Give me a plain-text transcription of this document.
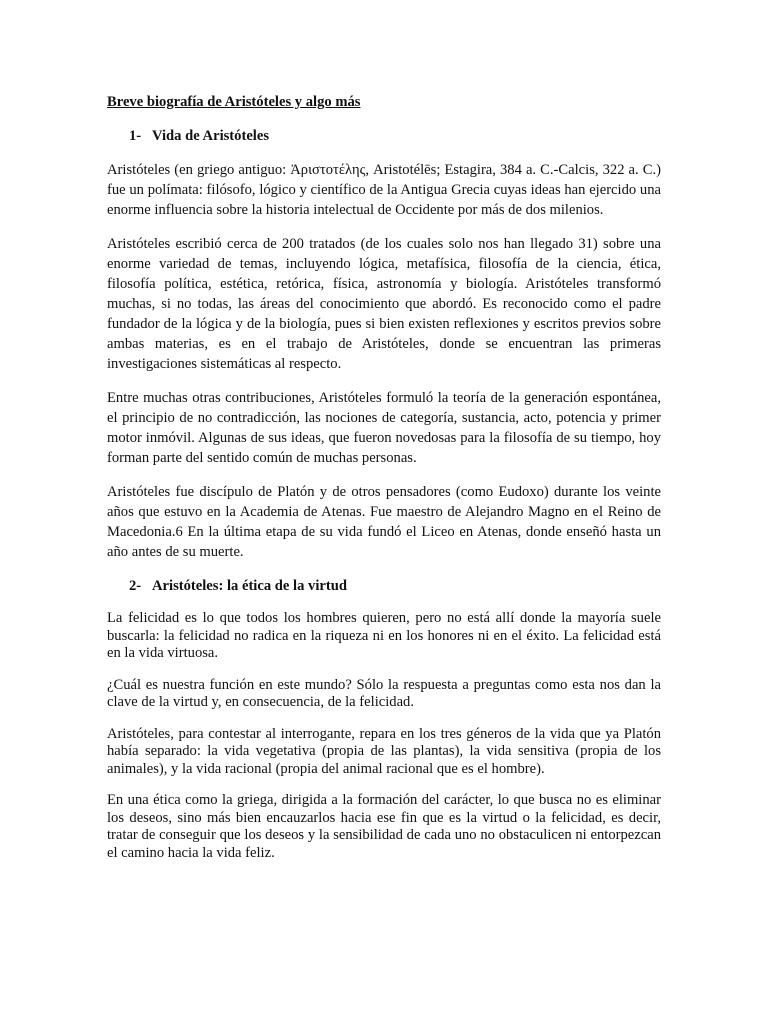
Breve biografía de Aristóteles y algo más
1- Vida de Aristóteles

Aristóteles (en griego antiguo: Ἀριστοτέλης, Aristotélēs; Estagira, 384 a. C.-Calcis, 322 a. C.) fue un polímata: filósofo, lógico y científico de la Antigua Grecia cuyas ideas han ejercido una enorme influencia sobre la historia intelectual de Occidente por más de dos milenios.

Aristóteles escribió cerca de 200 tratados (de los cuales solo nos han llegado 31) sobre una enorme variedad de temas, incluyendo lógica, metafísica, filosofía de la ciencia, ética, filosofía política, estética, retórica, física, astronomía y biología. Aristóteles transformó muchas, si no todas, las áreas del conocimiento que abordó. Es reconocido como el padre fundador de la lógica y de la biología, pues si bien existen reflexiones y escritos previos sobre ambas materias, es en el trabajo de Aristóteles, donde se encuentran las primeras investigaciones sistemáticas al respecto.

Entre muchas otras contribuciones, Aristóteles formuló la teoría de la generación espontánea, el principio de no contradicción, las nociones de categoría, sustancia, acto, potencia y primer motor inmóvil. Algunas de sus ideas, que fueron novedosas para la filosofía de su tiempo, hoy forman parte del sentido común de muchas personas.

Aristóteles fue discípulo de Platón y de otros pensadores (como Eudoxo) durante los veinte años que estuvo en la Academia de Atenas. Fue maestro de Alejandro Magno en el Reino de Macedonia.6 En la última etapa de su vida fundó el Liceo en Atenas, donde enseñó hasta un año antes de su muerte.

2- Aristóteles: la ética de la virtud

La felicidad es lo que todos los hombres quieren, pero no está allí donde la mayoría suele buscarla: la felicidad no radica en la riqueza ni en los honores ni en el éxito. La felicidad está en la vida virtuosa.

¿Cuál es nuestra función en este mundo? Sólo la respuesta a preguntas como esta nos dan la clave de la virtud y, en consecuencia, de la felicidad.

Aristóteles, para contestar al interrogante, repara en los tres géneros de la vida que ya Platón había separado: la vida vegetativa (propia de las plantas), la vida sensitiva (propia de los animales), y la vida racional (propia del animal racional que es el hombre).

En una ética como la griega, dirigida a la formación del carácter, lo que busca no es eliminar los deseos, sino más bien encauzarlos hacia ese fin que es la virtud o la felicidad, es decir, tratar de conseguir que los deseos y la sensibilidad de cada uno no obstaculicen ni entorpezcan el camino hacia la vida feliz.
